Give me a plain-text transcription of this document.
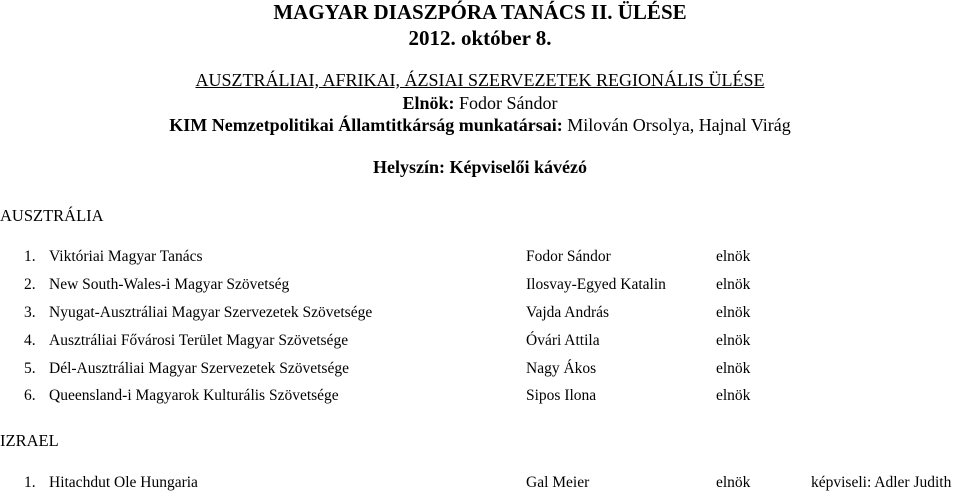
MAGYAR DIASZPÓRA TANÁCS II. ÜLÉSE
2012. október 8.
AUSZTRÁLIAI, AFRIKAI, ÁZSIAI SZERVEZETEK REGIONÁLIS ÜLÉSE
Elnök: Fodor Sándor
KIM Nemzetpolitikai Államtitkárság munkatársai: Milován Orsolya, Hajnal Virág
Helyszín: Képviselői kávézó
AUSZTRÁLIA
1. Viktóriai Magyar Tanács	Fodor Sándor	elnök
2. New South-Wales-i Magyar Szövetség	Ilosvay-Egyed Katalin	elnök
3. Nyugat-Ausztráliai Magyar Szervezetek Szövetsége	Vajda András	elnök
4. Ausztráliai Fővárosi Terület Magyar Szövetsége	Óvári Attila	elnök
5. Dél-Ausztráliai Magyar Szervezetek Szövetsége	Nagy Ákos	elnök
6. Queensland-i Magyarok Kulturális Szövetsége	Sipos Ilona	elnök
IZRAEL
1. Hitachdut Ole Hungaria	Gal Meier	elnök	képviseli: Adler Judith
